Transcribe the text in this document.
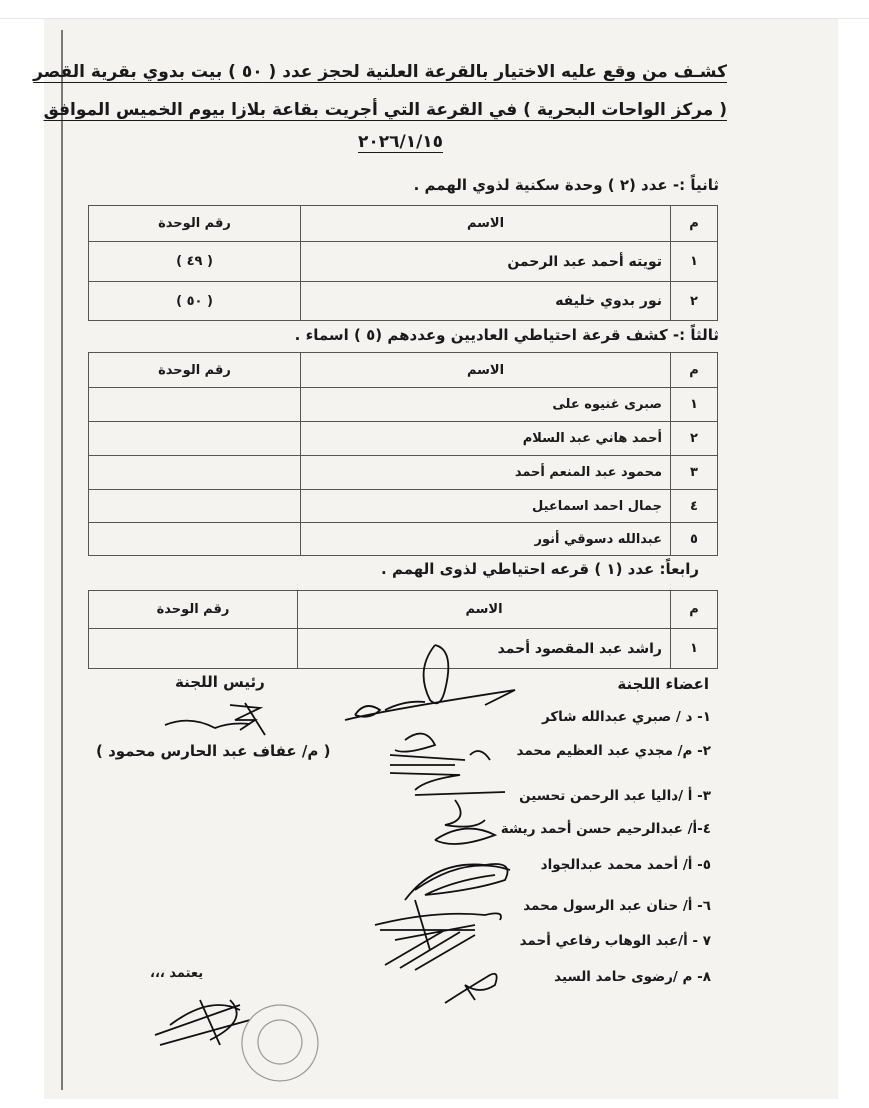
كشـف من وقع عليه الاختيار بالقرعة العلنية لحجز عدد ( ٥٠ ) بيت بدوي بقرية القصر
( مركز الواحات البحرية ) في القرعة التي أجريت بقاعة بلازا بيوم الخميس الموافق
٢٠٢٦/١/١٥
ثانياً :- عدد (٢ ) وحدة سكنية لذوي الهمم .
م	الاسم	رقم الوحدة
١	تويته أحمد عبد الرحمن	( ٤٩ )
٢	نور بدوي خليفه	( ٥٠ )
ثالثاً :- كشف قرعة احتياطي العاديين وعددهم (٥ ) اسماء .
م	الاسم	رقم الوحدة
١	صبرى غنيوه على	
٢	أحمد هاني عبد السلام	
٣	محمود عبد المنعم أحمد	
٤	جمال احمد اسماعيل	
٥	عبدالله دسوقي أنور	
رابعاً: عدد (١ ) قرعه احتياطي لذوى الهمم .
م	الاسم	رقم الوحدة
١	راشد عبد المقصود أحمد	
اعضاء اللجنة
رئيس اللجنة
( م/ عفاف عبد الحارس محمود )
١- د / صبري عبدالله شاكر
٢- م/ مجدي عبد العظيم محمد
٣- أ /داليا عبد الرحمن تحسين
٤-أ/ عبدالرحيم حسن أحمد ريشة
٥- أ/ أحمد محمد عبدالجواد
٦- أ/ حنان عبد الرسول محمد
٧ - أ/عبد الوهاب رفاعي أحمد
٨- م /رضوى حامد السيد
يعتمد ،،،
